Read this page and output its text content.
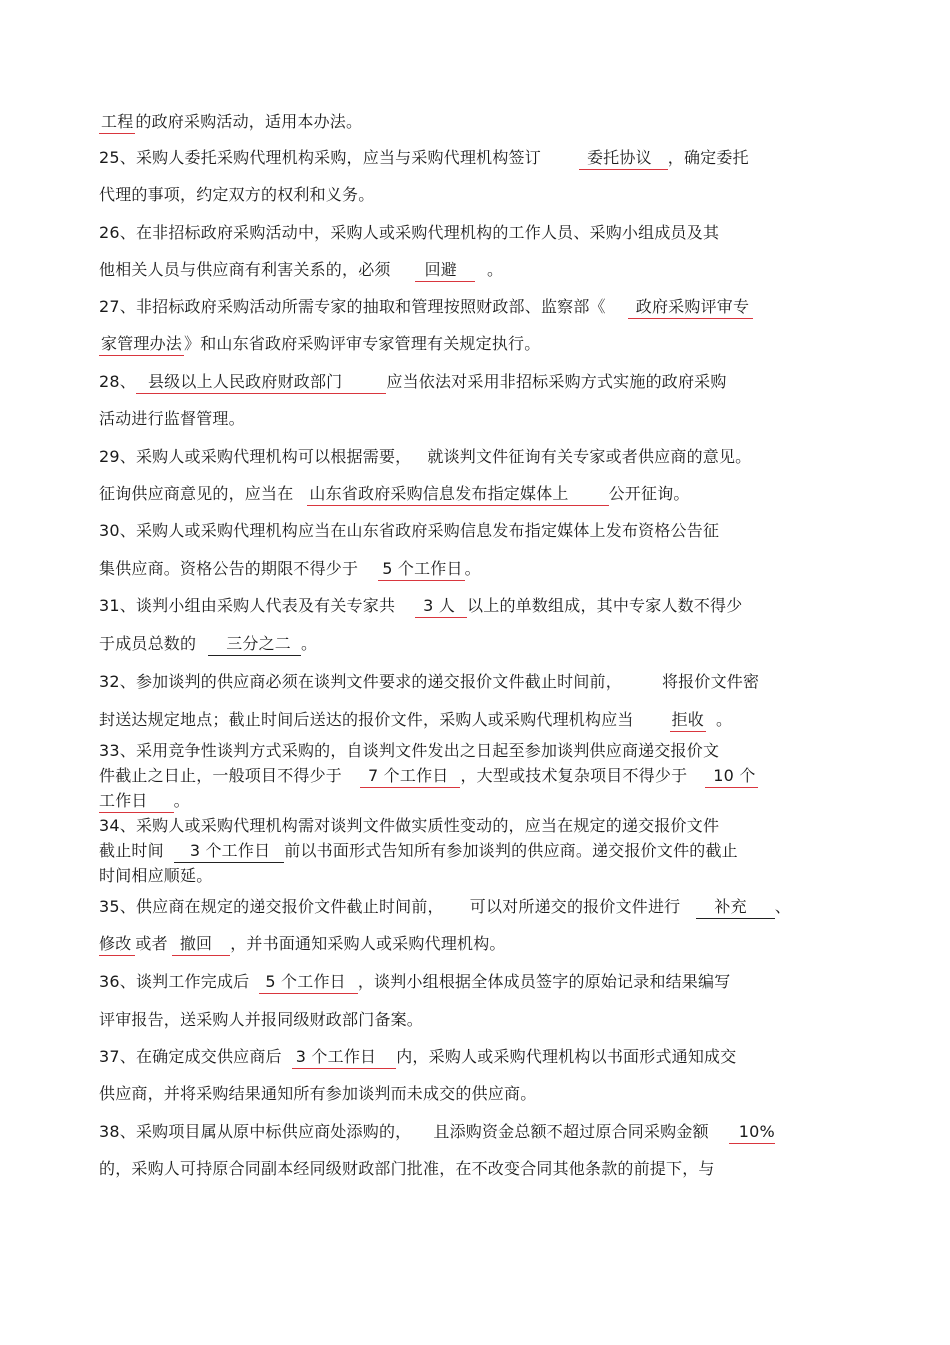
工程 的政府采购活动，适用本办法。
25、采购人委托采购代理机构采购，应当与采购代理机构签订	委托协议 ，确定委托
代理的事项，约定双方的权利和义务。
26、在非招标政府采购活动中，采购人或采购代理机构的工作人员、采购小组成员及其
他相关人员与供应商有利害关系的，必须 回避 。
27、非招标政府采购活动所需专家的抽取和管理按照财政部、监察部《 政府采购评审专
家管理办法 》和山东省政府采购评审专家管理有关规定执行。
28、 县级以上人民政府财政部门	应当依法对采用非招标采购方式实施的政府采购
活动进行监督管理。
29、采购人或采购代理机构可以根据需要， 就谈判文件征询有关专家或者供应商的意见。
征询供应商意见的，应当在 山东省政府采购信息发布指定媒体上	公开征询。
30、采购人或采购代理机构应当在山东省政府采购信息发布指定媒体上发布资格公告征
集供应商。资格公告的期限不得少于 5 个工作日 。
31、谈判小组由采购人代表及有关专家共 3 人 以上的单数组成，其中专家人数不得少
于成员总数的 三分之二 。
32、参加谈判的供应商必须在谈判文件要求的递交报价文件截止时间前，	将报价文件密
封送达规定地点；截止时间后送达的报价文件，采购人或采购代理机构应当 拒收 。
33、采用竞争性谈判方式采购的，自谈判文件发出之日起至参加谈判供应商递交报价文
件截止之日止，一般项目不得少于 7 个工作日 ，大型或技术复杂项目不得少于 10 个
工作日 。
34、采购人或采购代理机构需对谈判文件做实质性变动的，应当在规定的递交报价文件
截止时间 3 个工作日 前以书面形式告知所有参加谈判的供应商。递交报价文件的截止
时间相应顺延。
35、供应商在规定的递交报价文件截止时间前， 可以对所递交的报价文件进行 补充 、
修改 或者 撤回 ，并书面通知采购人或采购代理机构。
36、谈判工作完成后 5 个工作日 ，谈判小组根据全体成员签字的原始记录和结果编写
评审报告，送采购人并报同级财政部门备案。
37、在确定成交供应商后 3 个工作日 内，采购人或采购代理机构以书面形式通知成交
供应商，并将采购结果通知所有参加谈判而未成交的供应商。
38、采购项目属从原中标供应商处添购的， 且添购资金总额不超过原合同采购金额 10%
的，采购人可持原合同副本经同级财政部门批准，在不改变合同其他条款的前提下，与
